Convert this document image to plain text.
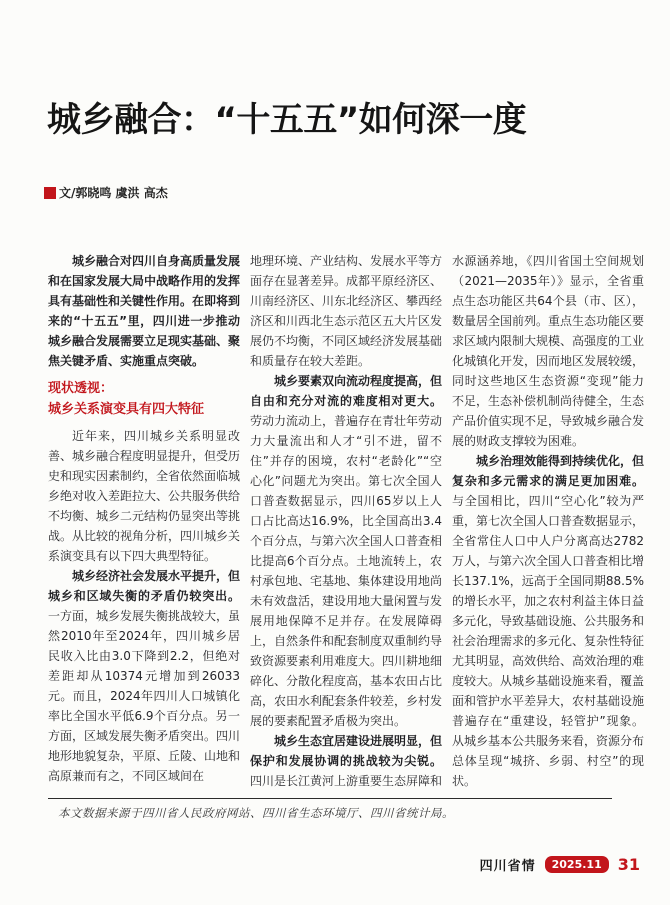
城乡融合：“十五五”如何深一度
文/郭晓鸣 虞洪 高杰

城乡融合对四川自身高质量发展和在国家发展大局中战略作用的发挥具有基础性和关键性作用。在即将到来的“十五五”里，四川进一步推动城乡融合发展需要立足现实基础、聚焦关键矛盾、实施重点突破。

现状透视：
城乡关系演变具有四大特征

近年来，四川城乡关系明显改善、城乡融合程度明显提升，但受历史和现实因素制约，全省依然面临城乡绝对收入差距拉大、公共服务供给不均衡、城乡二元结构仍显突出等挑战。从比较的视角分析，四川城乡关系演变具有以下四大典型特征。

城乡经济社会发展水平提升，但城乡和区域失衡的矛盾仍较突出。一方面，城乡发展失衡挑战较大，虽然2010年至2024年，四川城乡居民收入比由3.0下降到2.2，但绝对差距却从10374元增加到26033元。而且，2024年四川人口城镇化率比全国水平低6.9个百分点。另一方面，区域发展失衡矛盾突出。四川地形地貌复杂，平原、丘陵、山地和高原兼而有之，不同区域间在

地理环境、产业结构、发展水平等方面存在显著差异。成都平原经济区、川南经济区、川东北经济区、攀西经济区和川西北生态示范区五大片区发展仍不均衡，不同区域经济发展基础和质量存在较大差距。

城乡要素双向流动程度提高，但自由和充分对流的难度相对更大。劳动力流动上，普遍存在青壮年劳动力大量流出和人才“引不进，留不住”并存的困境，农村“老龄化”“空心化”问题尤为突出。第七次全国人口普查数据显示，四川65岁以上人口占比高达16.9%，比全国高出3.4个百分点，与第六次全国人口普查相比提高6个百分点。土地流转上，农村承包地、宅基地、集体建设用地尚未有效盘活，建设用地大量闲置与发展用地保障不足并存。在发展障碍上，自然条件和配套制度双重制约导致资源要素利用难度大。四川耕地细碎化、分散化程度高，基本农田占比高，农田水利配套条件较差，乡村发展的要素配置矛盾极为突出。

城乡生态宜居建设进展明显，但保护和发展协调的挑战较为尖锐。四川是长江黄河上游重要生态屏障和

水源涵养地，《四川省国土空间规划（2021—2035年）》显示，全省重点生态功能区共64个县（市、区），数量居全国前列。重点生态功能区要求区域内限制大规模、高强度的工业化城镇化开发，因而地区发展较缓，同时这些地区生态资源“变现”能力不足，生态补偿机制尚待健全，生态产品价值实现不足，导致城乡融合发展的财政支撑较为困难。

城乡治理效能得到持续优化，但复杂和多元需求的满足更加困难。与全国相比，四川“空心化”较为严重，第七次全国人口普查数据显示，全省常住人口中人户分离高达2782万人，与第六次全国人口普查相比增长137.1%，远高于全国同期88.5%的增长水平，加之农村利益主体日益多元化，导致基础设施、公共服务和社会治理需求的多元化、复杂性特征尤其明显，高效供给、高效治理的难度较大。从城乡基础设施来看，覆盖面和管护水平差异大，农村基础设施普遍存在“重建设，轻管护”现象。从城乡基本公共服务来看，资源分布总体呈现“城挤、乡弱、村空”的现状。

本文数据来源于四川省人民政府网站、四川省生态环境厅、四川省统计局。
四川省情	2025.11	31
